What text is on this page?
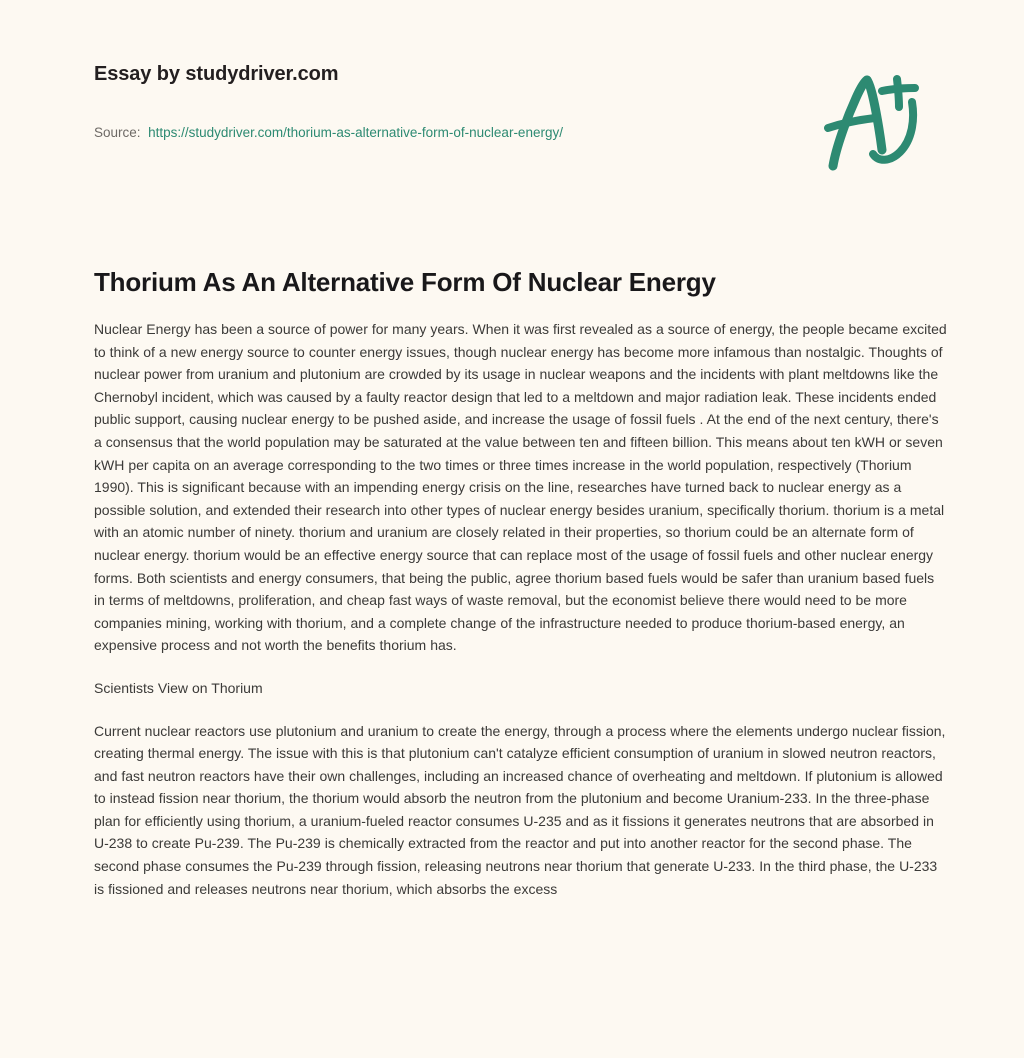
Essay by studydriver.com
Source: https://studydriver.com/thorium-as-alternative-form-of-nuclear-energy/
Thorium As An Alternative Form Of Nuclear Energy

Nuclear Energy has been a source of power for many years. When it was first revealed as a source of energy, the people became excited to think of a new energy source to counter energy issues, though nuclear energy has become more infamous than nostalgic. Thoughts of nuclear power from uranium and plutonium are crowded by its usage in nuclear weapons and the incidents with plant meltdowns like the Chernobyl incident, which was caused by a faulty reactor design that led to a meltdown and major radiation leak. These incidents ended public support, causing nuclear energy to be pushed aside, and increase the usage of fossil fuels . At the end of the next century, there's a consensus that the world population may be saturated at the value between ten and fifteen billion. This means about ten kWH or seven kWH per capita on an average corresponding to the two times or three times increase in the world population, respectively (Thorium 1990). This is significant because with an impending energy crisis on the line, researches have turned back to nuclear energy as a possible solution, and extended their research into other types of nuclear energy besides uranium, specifically thorium. thorium is a metal with an atomic number of ninety. thorium and uranium are closely related in their properties, so thorium could be an alternate form of nuclear energy. thorium would be an effective energy source that can replace most of the usage of fossil fuels and other nuclear energy forms. Both scientists and energy consumers, that being the public, agree thorium based fuels would be safer than uranium based fuels in terms of meltdowns, proliferation, and cheap fast ways of waste removal, but the economist believe there would need to be more companies mining, working with thorium, and a complete change of the infrastructure needed to produce thorium-based energy, an expensive process and not worth the benefits thorium has.

Scientists View on Thorium

Current nuclear reactors use plutonium and uranium to create the energy, through a process where the elements undergo nuclear fission, creating thermal energy. The issue with this is that plutonium can't catalyze efficient consumption of uranium in slowed neutron reactors, and fast neutron reactors have their own challenges, including an increased chance of overheating and meltdown. If plutonium is allowed to instead fission near thorium, the thorium would absorb the neutron from the plutonium and become Uranium-233. In the three-phase plan for efficiently using thorium, a uranium-fueled reactor consumes U-235 and as it fissions it generates neutrons that are absorbed in U-238 to create Pu-239. The Pu-239 is chemically extracted from the reactor and put into another reactor for the second phase. The second phase consumes the Pu-239 through fission, releasing neutrons near thorium that generate U-233. In the third phase, the U-233 is fissioned and releases neutrons near thorium, which absorbs the excess
